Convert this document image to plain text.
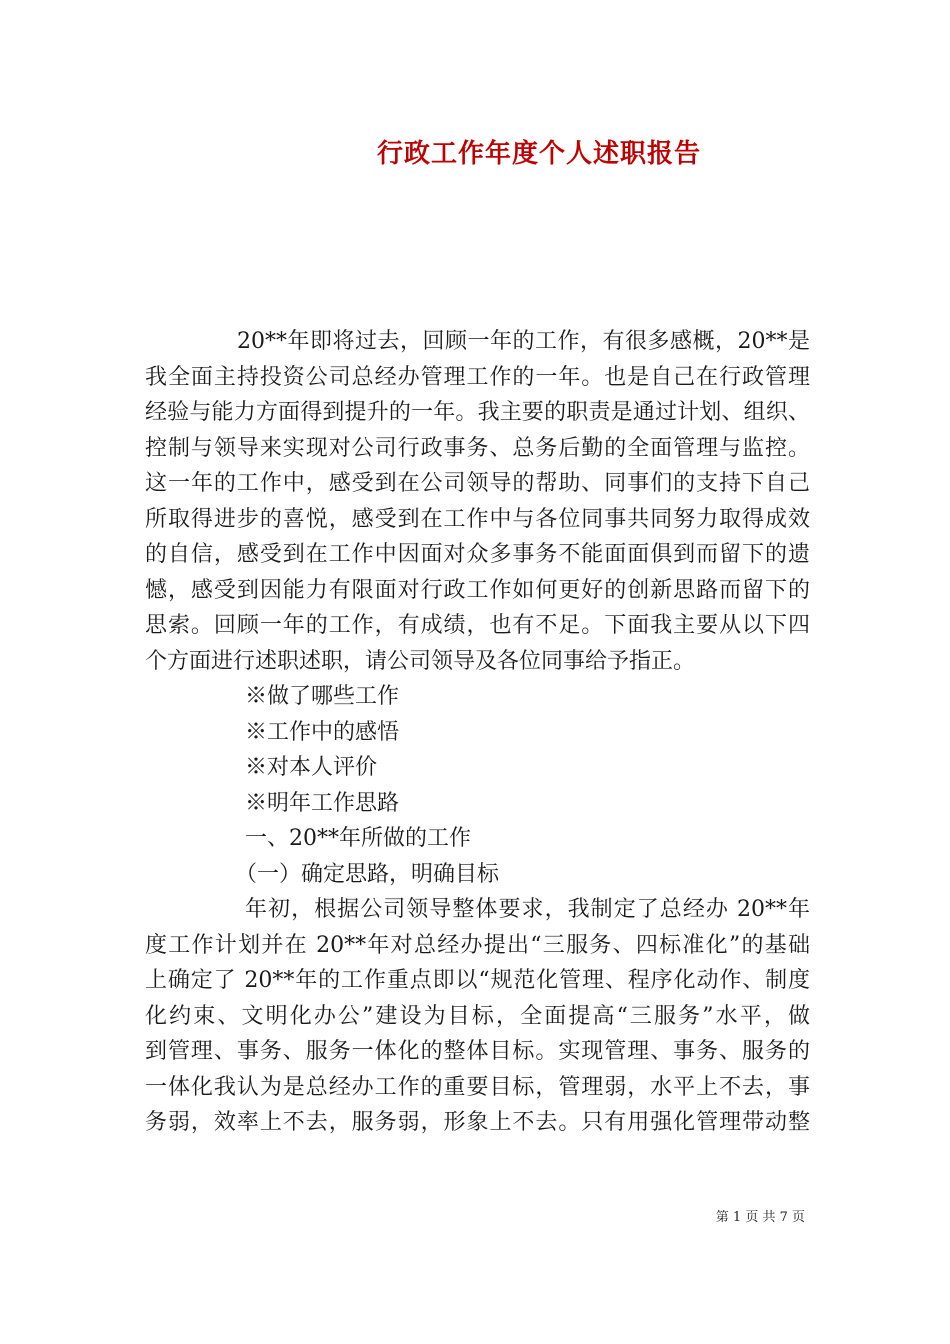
行政工作年度个人述职报告
20**年即将过去，回顾一年的工作，有很多感概，20**是
我全面主持投资公司总经办管理工作的一年。也是自己在行政管理
经验与能力方面得到提升的一年。我主要的职责是通过计划、组织、
控制与领导来实现对公司行政事务、总务后勤的全面管理与监控。
这一年的工作中，感受到在公司领导的帮助、同事们的支持下自己
所取得进步的喜悦，感受到在工作中与各位同事共同努力取得成效
的自信，感受到在工作中因面对众多事务不能面面俱到而留下的遗
憾，感受到因能力有限面对行政工作如何更好的创新思路而留下的
思索。回顾一年的工作，有成绩，也有不足。下面我主要从以下四
个方面进行述职述职，请公司领导及各位同事给予指正。
※做了哪些工作
※工作中的感悟
※对本人评价
※明年工作思路
一、20**年所做的工作
（一）确定思路，明确目标
年初，根据公司领导整体要求，我制定了总经办 20**年
度工作计划并在 20**年对总经办提出“三服务、四标准化”的基础
上确定了 20**年的工作重点即以“规范化管理、程序化动作、制度
化约束、文明化办公”建设为目标，全面提高“三服务”水平，做
到管理、事务、服务一体化的整体目标。实现管理、事务、服务的
一体化我认为是总经办工作的重要目标，管理弱，水平上不去，事
务弱，效率上不去，服务弱，形象上不去。只有用强化管理带动整
第 1 页 共 7 页
